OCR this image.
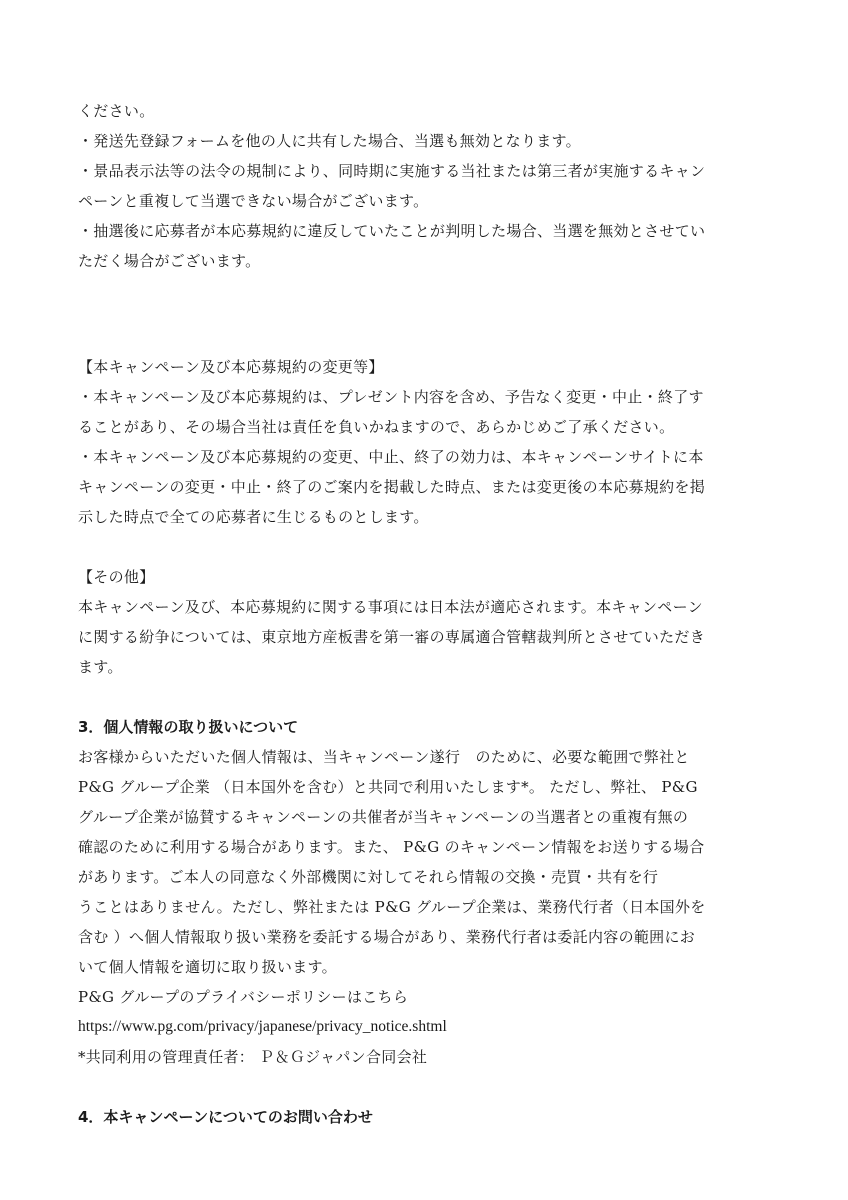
ください。
・発送先登録フォームを他の人に共有した場合、当選も無効となります。
・景品表示法等の法令の規制により、同時期に実施する当社または第三者が実施するキャン
ペーンと重複して当選できない場合がございます。
・抽選後に応募者が本応募規約に違反していたことが判明した場合、当選を無効とさせてい
ただく場合がございます。
【本キャンペーン及び本応募規約の変更等】
・本キャンペーン及び本応募規約は、プレゼント内容を含め、予告なく変更・中止・終了す
ることがあり、その場合当社は責任を負いかねますので、あらかじめご了承ください。
・本キャンペーン及び本応募規約の変更、中止、終了の効力は、本キャンペーンサイトに本
キャンペーンの変更・中止・終了のご案内を掲載した時点、または変更後の本応募規約を掲
示した時点で全ての応募者に生じるものとします。
【その他】
本キャンペーン及び、本応募規約に関する事項には日本法が適応されます。本キャンペーン
に関する紛争については、東京地方産板書を第一審の専属適合管轄裁判所とさせていただき
ます。
3．個人情報の取り扱いについて
お客様からいただいた個人情報は、当キャンペーン遂行　のために、必要な範囲で弊社と
P&G グループ企業 （日本国外を含む）と共同で利用いたします*。 ただし、弊社、 P&G
グループ企業が協賛するキャンペーンの共催者が当キャンペーンの当選者との重複有無の
確認のために利用する場合があります。また、 P&G のキャンペーン情報をお送りする場合
があります。ご本人の同意なく外部機関に対してそれら情報の交換・売買・共有を行
うことはありません。ただし、弊社または P&G グループ企業は、業務代行者（日本国外を
含む ）へ個人情報取り扱い業務を委託する場合があり、業務代行者は委託内容の範囲にお
いて個人情報を適切に取り扱います。
P&G グループのプライバシーポリシーはこちら
https://www.pg.com/privacy/japanese/privacy_notice.shtml
*共同利用の管理責任者： Ｐ＆Ｇジャパン合同会社
4．本キャンペーンについてのお問い合わせ
